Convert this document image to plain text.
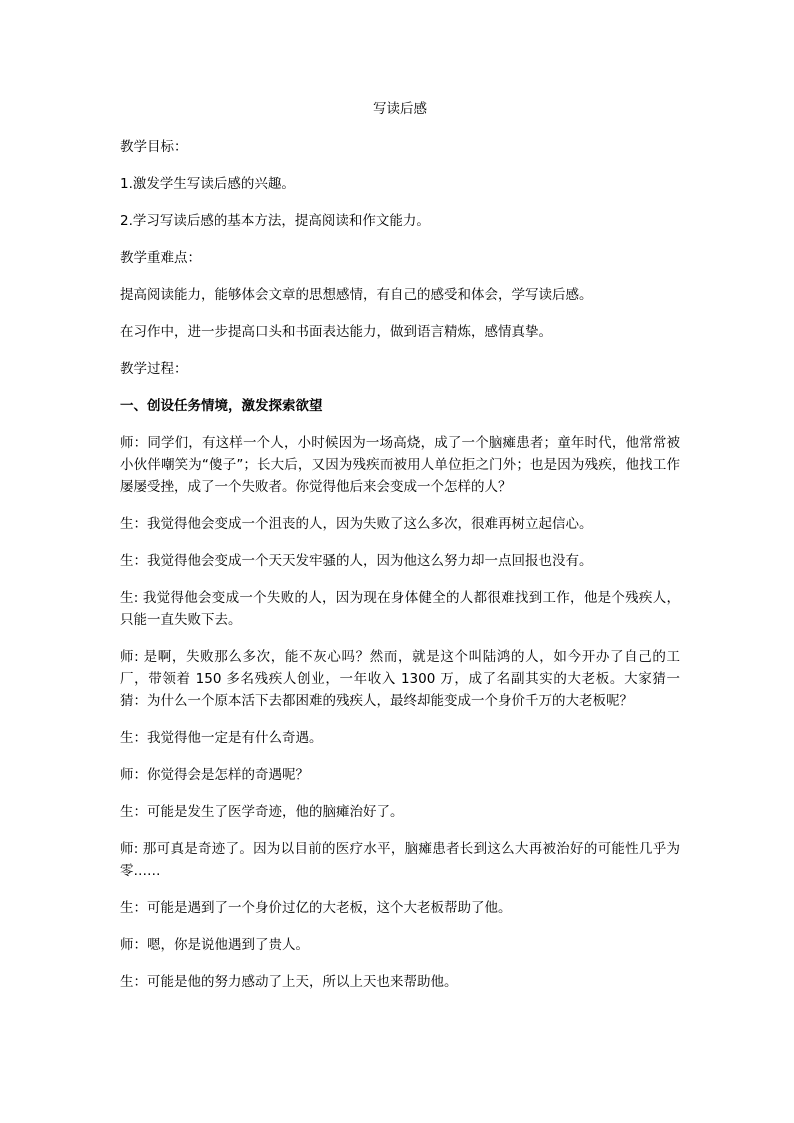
写读后感

教学目标：

1.激发学生写读后感的兴趣。

2.学习写读后感的基本方法，提高阅读和作文能力。

教学重难点：

提高阅读能力，能够体会文章的思想感情，有自己的感受和体会，学写读后感。

在习作中，进一步提高口头和书面表达能力，做到语言精炼，感情真挚。

教学过程：

一、创设任务情境，激发探索欲望

师：同学们，有这样一个人，小时候因为一场高烧，成了一个脑瘫患者；童年时代，他常常被小伙伴嘲笑为“傻子”；长大后，又因为残疾而被用人单位拒之门外；也是因为残疾，他找工作屡屡受挫，成了一个失败者。你觉得他后来会变成一个怎样的人？

生：我觉得他会变成一个沮丧的人，因为失败了这么多次，很难再树立起信心。

生：我觉得他会变成一个天天发牢骚的人，因为他这么努力却一点回报也没有。

生: 我觉得他会变成一个失败的人，因为现在身体健全的人都很难找到工作，他是个残疾人，只能一直失败下去。

师: 是啊，失败那么多次，能不灰心吗？然而，就是这个叫陆鸿的人，如今开办了自己的工厂，带领着 150 多名残疾人创业，一年收入 1300 万，成了名副其实的大老板。大家猜一猜：为什么一个原本活下去都困难的残疾人，最终却能变成一个身价千万的大老板呢？

生：我觉得他一定是有什么奇遇。

师：你觉得会是怎样的奇遇呢？

生：可能是发生了医学奇迹，他的脑瘫治好了。

师: 那可真是奇迹了。因为以目前的医疗水平，脑瘫患者长到这么大再被治好的可能性几乎为零……

生：可能是遇到了一个身价过亿的大老板，这个大老板帮助了他。

师：嗯，你是说他遇到了贵人。

生：可能是他的努力感动了上天，所以上天也来帮助他。
